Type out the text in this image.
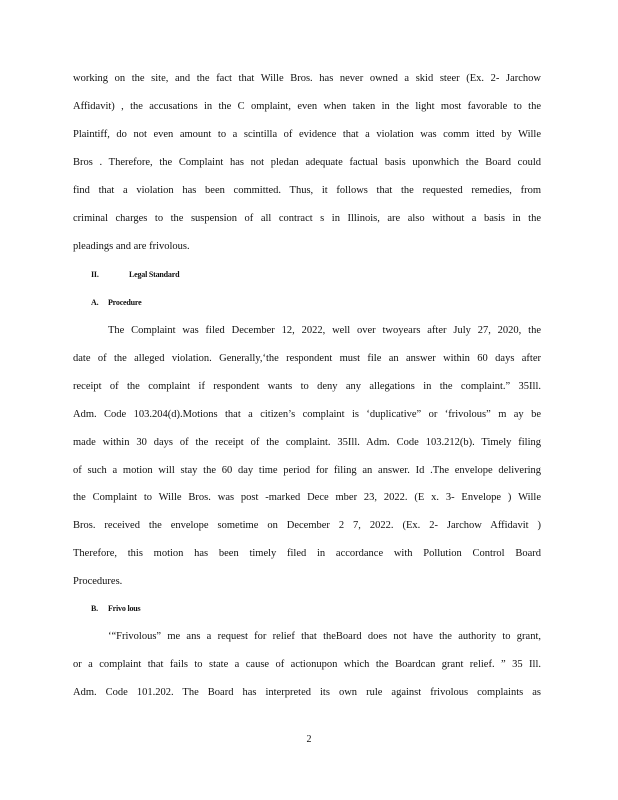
working on the site, and the fact that Wille Bros. has never owned a skid steer (Ex. 2- Jarchow
Affidavit) , the accusations in the C omplaint, even when taken in the light most favorable to the
Plaintiff, do not even amount to a scintilla of evidence that a violation was comm itted by Wille
Bros . Therefore, the Complaint has not pledan adequate factual basis uponwhich the Board could
find that a violation has been committed. Thus, it follows that the requested remedies, from
criminal charges to the suspension of all contract s in Illinois, are also without a basis in the
pleadings and are frivolous.
II.	Legal Standard
A. Procedure
The Complaint was filed December 12, 2022, well over twoyears after July 27, 2020, the
date of the alleged violation. Generally,‘the respondent must file an answer within 60 days after
receipt of the complaint if respondent wants to deny any allegations in the complaint.” 35Ill.
Adm. Code 103.204(d).Motions that a citizen’s complaint is ‘duplicative” or ‘frivolous” m ay be
made within 30 days of the receipt of the complaint. 35Ill. Adm. Code 103.212(b). Timely filing
of such a motion will stay the 60 day time period for filing an answer. Id .The envelope delivering
the Complaint to Wille Bros. was post -marked Dece mber 23, 2022. (E x. 3- Envelope ) Wille
Bros. received the envelope sometime on December 2 7, 2022. (Ex. 2- Jarchow Affidavit )
Therefore, this motion has been timely filed in accordance with Pollution Control Board
Procedures.
B. Frivo lous
‘“Frivolous” me ans a request for relief that theBoard does not have the authority to grant,
or a complaint that fails to state a cause of actionupon which the Boardcan grant relief. ” 35 Ill.
Adm. Code 101.202. The Board has interpreted its own rule against frivolous complaints as
2
